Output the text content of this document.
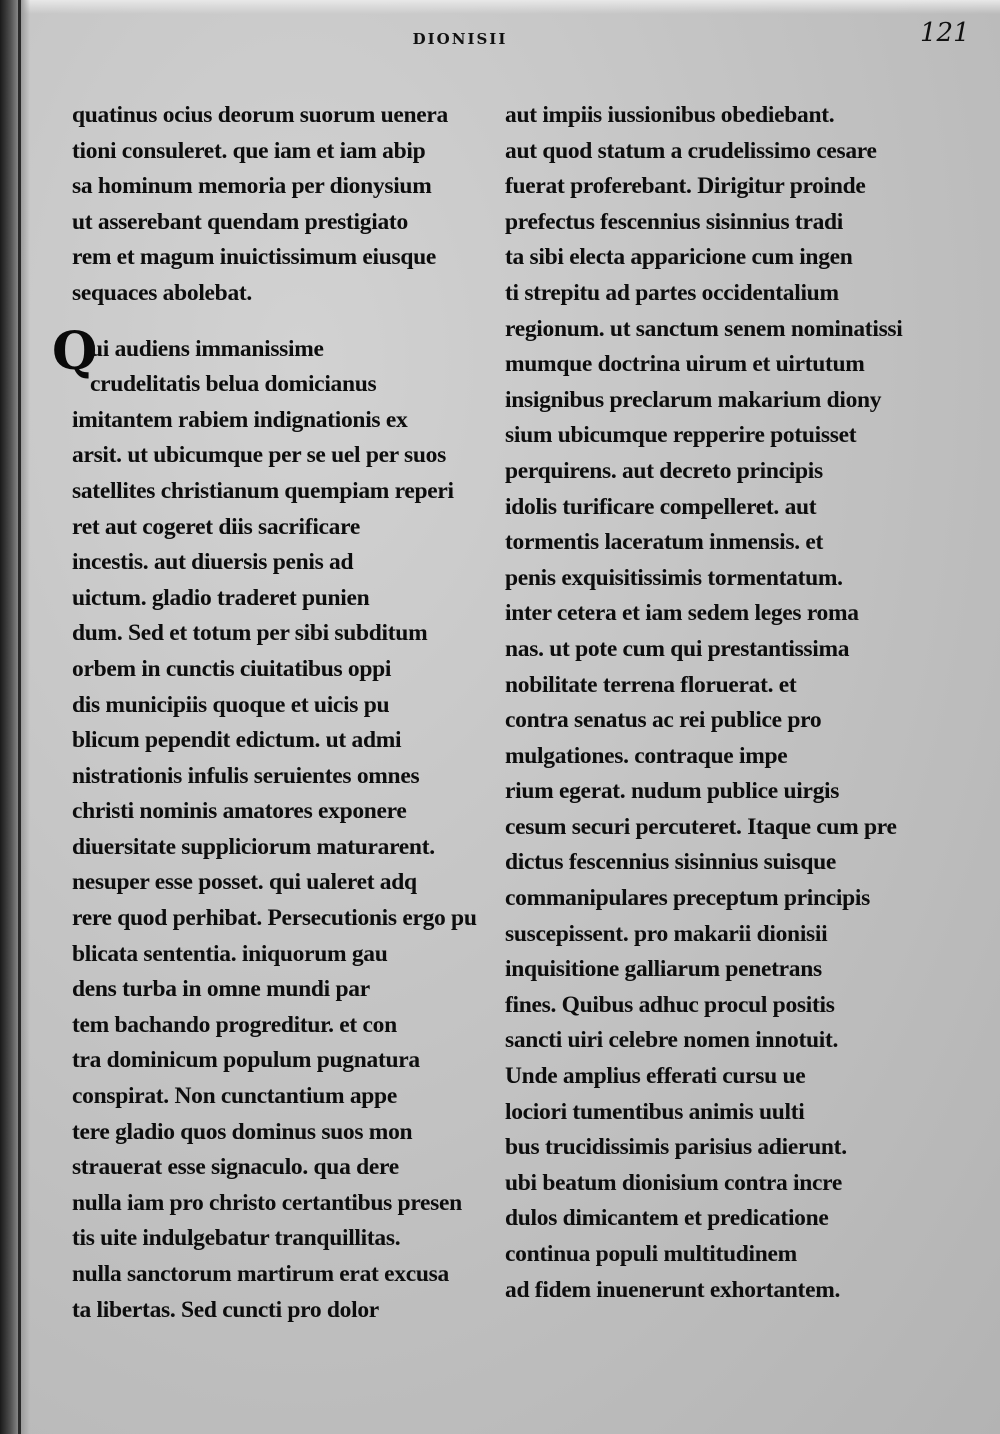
DIONISII	121
Q
quatinus ocius deorum suorum uenera
tioni consuleret. que iam et iam abip
sa hominum memoria per dionysium
ut asserebant quendam prestigiato
rem et magum inuictissimum eiusque
sequaces abolebat.
ui audiens immanissime
crudelitatis belua domicianus
imitantem rabiem indignationis ex
arsit. ut ubicumque per se uel per suos
satellites christianum quempiam reperi
ret aut cogeret diis sacrificare
incestis. aut diuersis penis ad
uictum. gladio traderet punien
dum. Sed et totum per sibi subditum
orbem in cunctis ciuitatibus oppi
dis municipiis quoque et uicis pu
blicum pependit edictum. ut admi
nistrationis infulis seruientes omnes
christi nominis amatores exponere
diuersitate suppliciorum maturarent.
nesuper esse posset. qui ualeret adq
rere quod perhibat. Persecutionis ergo pu
blicata sententia. iniquorum gau
dens turba in omne mundi par
tem bachando progreditur. et con
tra dominicum populum pugnatura
conspirat. Non cunctantium appe
tere gladio quos dominus suos mon
strauerat esse signaculo. qua dere
nulla iam pro christo certantibus presen
tis uite indulgebatur tranquillitas.
nulla sanctorum martirum erat excusa
ta libertas. Sed cuncti pro dolor
aut impiis iussionibus obediebant.
aut quod statum a crudelissimo cesare
fuerat proferebant. Dirigitur proinde
prefectus fescennius sisinnius tradi
ta sibi electa apparicione cum ingen
ti strepitu ad partes occidentalium
regionum. ut sanctum senem nominatissi
mumque doctrina uirum et uirtutum
insignibus preclarum makarium diony
sium ubicumque repperire potuisset
perquirens. aut decreto principis
idolis turificare compelleret. aut
tormentis laceratum inmensis. et
penis exquisitissimis tormentatum.
inter cetera et iam sedem leges roma
nas. ut pote cum qui prestantissima
nobilitate terrena floruerat. et
contra senatus ac rei publice pro
mulgationes. contraque impe
rium egerat. nudum publice uirgis
cesum securi percuteret. Itaque cum pre
dictus fescennius sisinnius suisque
commanipulares preceptum principis
suscepissent. pro makarii dionisii
inquisitione galliarum penetrans
fines. Quibus adhuc procul positis
sancti uiri celebre nomen innotuit.
Unde amplius efferati cursu ue
lociori tumentibus animis uulti
bus trucidissimis parisius adierunt.
ubi beatum dionisium contra incre
dulos dimicantem et predicatione
continua populi multitudinem
ad fidem inuenerunt exhortantem.
